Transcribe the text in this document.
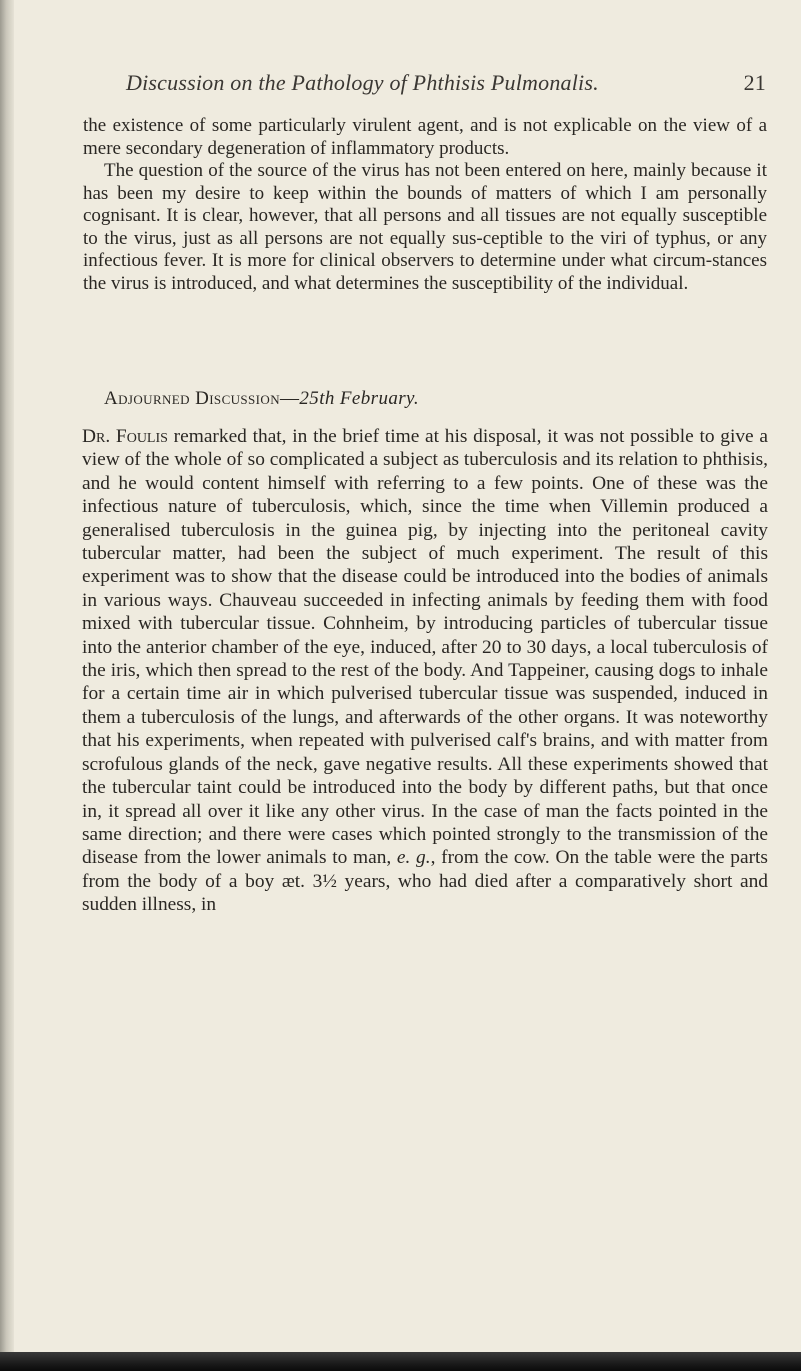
Discussion on the Pathology of Phthisis Pulmonalis.	21

the existence of some particularly virulent agent, and is not explicable on the view of a mere secondary degeneration of inflammatory products.

The question of the source of the virus has not been entered on here, mainly because it has been my desire to keep within the bounds of matters of which I am personally cognisant. It is clear, however, that all persons and all tissues are not equally susceptible to the virus, just as all persons are not equally sus-ceptible to the viri of typhus, or any infectious fever. It is more for clinical observers to determine under what circum-stances the virus is introduced, and what determines the susceptibility of the individual.

Adjourned Discussion—25th February.

Dr. Foulis remarked that, in the brief time at his disposal, it was not possible to give a view of the whole of so complicated a subject as tuberculosis and its relation to phthisis, and he would content himself with referring to a few points. One of these was the infectious nature of tuberculosis, which, since the time when Villemin produced a generalised tuberculosis in the guinea pig, by injecting into the peritoneal cavity tubercular matter, had been the subject of much experiment. The result of this experiment was to show that the disease could be introduced into the bodies of animals in various ways. Chauveau succeeded in infecting animals by feeding them with food mixed with tubercular tissue. Cohnheim, by introducing particles of tubercular tissue into the anterior chamber of the eye, induced, after 20 to 30 days, a local tuberculosis of the iris, which then spread to the rest of the body. And Tappeiner, causing dogs to inhale for a certain time air in which pulverised tubercular tissue was suspended, induced in them a tuberculosis of the lungs, and afterwards of the other organs. It was noteworthy that his experiments, when repeated with pulverised calf's brains, and with matter from scrofulous glands of the neck, gave negative results. All these experiments showed that the tubercular taint could be introduced into the body by different paths, but that once in, it spread all over it like any other virus. In the case of man the facts pointed in the same direction; and there were cases which pointed strongly to the transmission of the disease from the lower animals to man, e. g., from the cow. On the table were the parts from the body of a boy æt. 3½ years, who had died after a comparatively short and sudden illness, in
